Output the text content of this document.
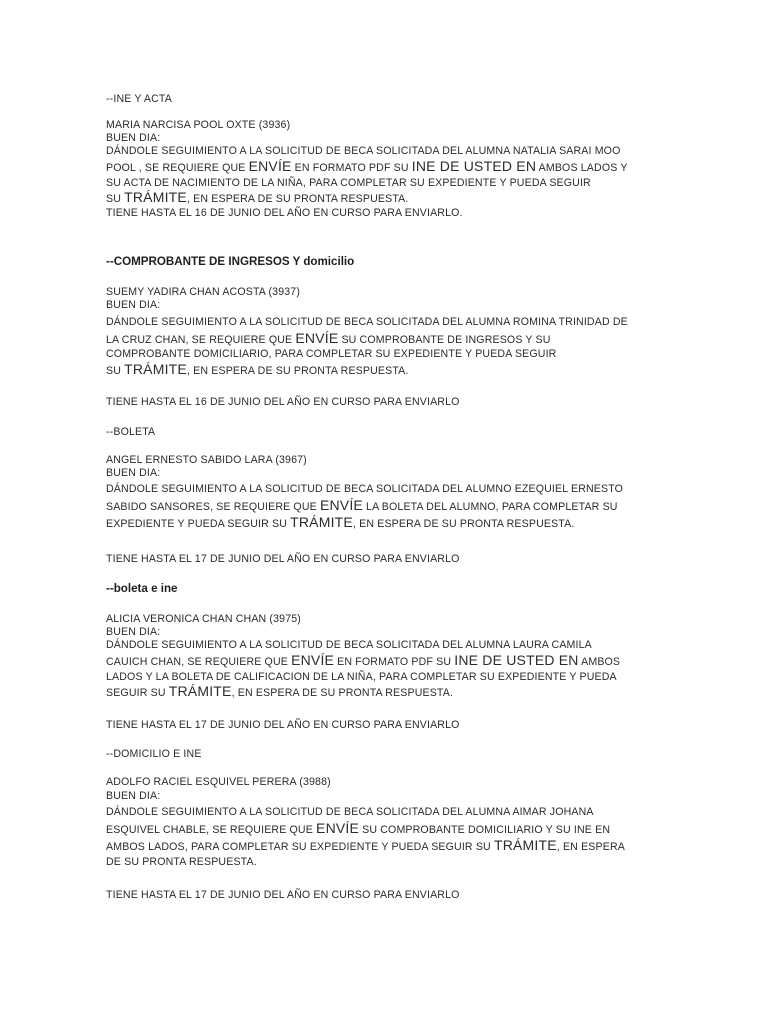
--INE Y ACTA
MARIA NARCISA POOL OXTE (3936)
BUEN DIA:
DÁNDOLE SEGUIMIENTO A LA SOLICITUD DE BECA SOLICITADA DEL ALUMNA NATALIA SARAI MOO
POOL , SE REQUIERE QUE ENVÍE EN FORMATO PDF SU INE DE USTED EN AMBOS LADOS Y
SU ACTA DE NACIMIENTO DE LA NIÑA, PARA COMPLETAR SU EXPEDIENTE Y PUEDA SEGUIR
SU TRÁMITE, EN ESPERA DE SU PRONTA RESPUESTA.
TIENE HASTA EL 16 DE JUNIO DEL AÑO EN CURSO PARA ENVIARLO.
--COMPROBANTE DE INGRESOS Y domicilio
SUEMY YADIRA CHAN ACOSTA (3937)
BUEN DIA:
DÁNDOLE SEGUIMIENTO A LA SOLICITUD DE BECA SOLICITADA DEL ALUMNA ROMINA TRINIDAD DE
LA CRUZ CHAN, SE REQUIERE QUE ENVÍE SU COMPROBANTE DE INGRESOS Y SU
COMPROBANTE DOMICILIARIO, PARA COMPLETAR SU EXPEDIENTE Y PUEDA SEGUIR
SU TRÁMITE, EN ESPERA DE SU PRONTA RESPUESTA.
TIENE HASTA EL 16 DE JUNIO DEL AÑO EN CURSO PARA ENVIARLO
--BOLETA
ANGEL ERNESTO SABIDO LARA (3967)
BUEN DIA:
DÁNDOLE SEGUIMIENTO A LA SOLICITUD DE BECA SOLICITADA DEL ALUMNO EZEQUIEL ERNESTO
SABIDO SANSORES, SE REQUIERE QUE ENVÍE LA BOLETA DEL ALUMNO, PARA COMPLETAR SU
EXPEDIENTE Y PUEDA SEGUIR SU TRÁMITE, EN ESPERA DE SU PRONTA RESPUESTA.
TIENE HASTA EL 17 DE JUNIO DEL AÑO EN CURSO PARA ENVIARLO
--boleta e ine
ALICIA VERONICA CHAN CHAN (3975)
BUEN DIA:
DÁNDOLE SEGUIMIENTO A LA SOLICITUD DE BECA SOLICITADA DEL ALUMNA LAURA CAMILA
CAUICH CHAN, SE REQUIERE QUE ENVÍE EN FORMATO PDF SU INE DE USTED EN AMBOS
LADOS Y LA BOLETA DE CALIFICACION DE LA NIÑA, PARA COMPLETAR SU EXPEDIENTE Y PUEDA
SEGUIR SU TRÁMITE, EN ESPERA DE SU PRONTA RESPUESTA.
TIENE HASTA EL 17 DE JUNIO DEL AÑO EN CURSO PARA ENVIARLO
--DOMICILIO E INE
ADOLFO RACIEL ESQUIVEL PERERA (3988)
BUEN DIA:
DÁNDOLE SEGUIMIENTO A LA SOLICITUD DE BECA SOLICITADA DEL ALUMNA AIMAR JOHANA
ESQUIVEL CHABLE, SE REQUIERE QUE ENVÍE SU COMPROBANTE DOMICILIARIO Y SU INE EN
AMBOS LADOS, PARA COMPLETAR SU EXPEDIENTE Y PUEDA SEGUIR SU TRÁMITE, EN ESPERA
DE SU PRONTA RESPUESTA.
TIENE HASTA EL 17 DE JUNIO DEL AÑO EN CURSO PARA ENVIARLO
